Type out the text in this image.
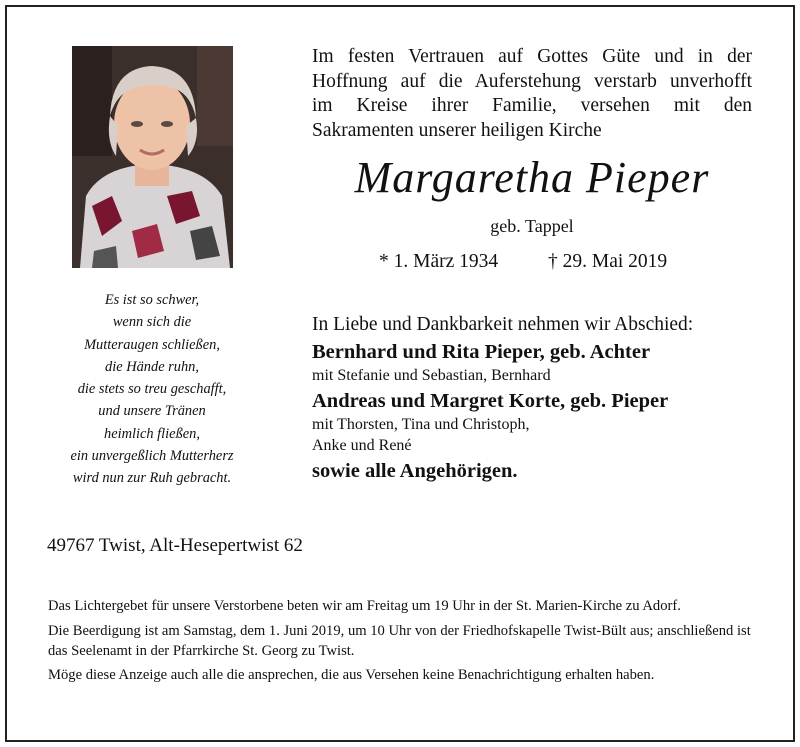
Im festen Vertrauen auf Gottes Güte und in der
Hoffnung auf die Auferstehung verstarb unverhofft
im Kreise ihrer Familie, versehen mit den
Sakramenten unserer heiligen Kirche
Margaretha Pieper
geb. Tappel
* 1. März 1934	† 29. Mai 2019
Es ist so schwer,
wenn sich die
Mutteraugen schließen,
die Hände ruhn,
die stets so treu geschafft,
und unsere Tränen
heimlich fließen,
ein unvergeßlich Mutterherz
wird nun zur Ruh gebracht.
In Liebe und Dankbarkeit nehmen wir Abschied:
Bernhard und Rita Pieper, geb. Achter
mit Stefanie und Sebastian, Bernhard
Andreas und Margret Korte, geb. Pieper
mit Thorsten, Tina und Christoph,
Anke und René
sowie alle Angehörigen.
49767 Twist, Alt-Hesepertwist 62

Das Lichtergebet für unsere Verstorbene beten wir am Freitag um 19 Uhr in der St. Marien-Kirche zu Adorf.

Die Beerdigung ist am Samstag, dem 1. Juni 2019, um 10 Uhr von der Friedhofskapelle Twist-Bült aus; anschließend ist das Seelenamt in der Pfarrkirche St. Georg zu Twist.

Möge diese Anzeige auch alle die ansprechen, die aus Versehen keine Benachrichtigung erhalten haben.
